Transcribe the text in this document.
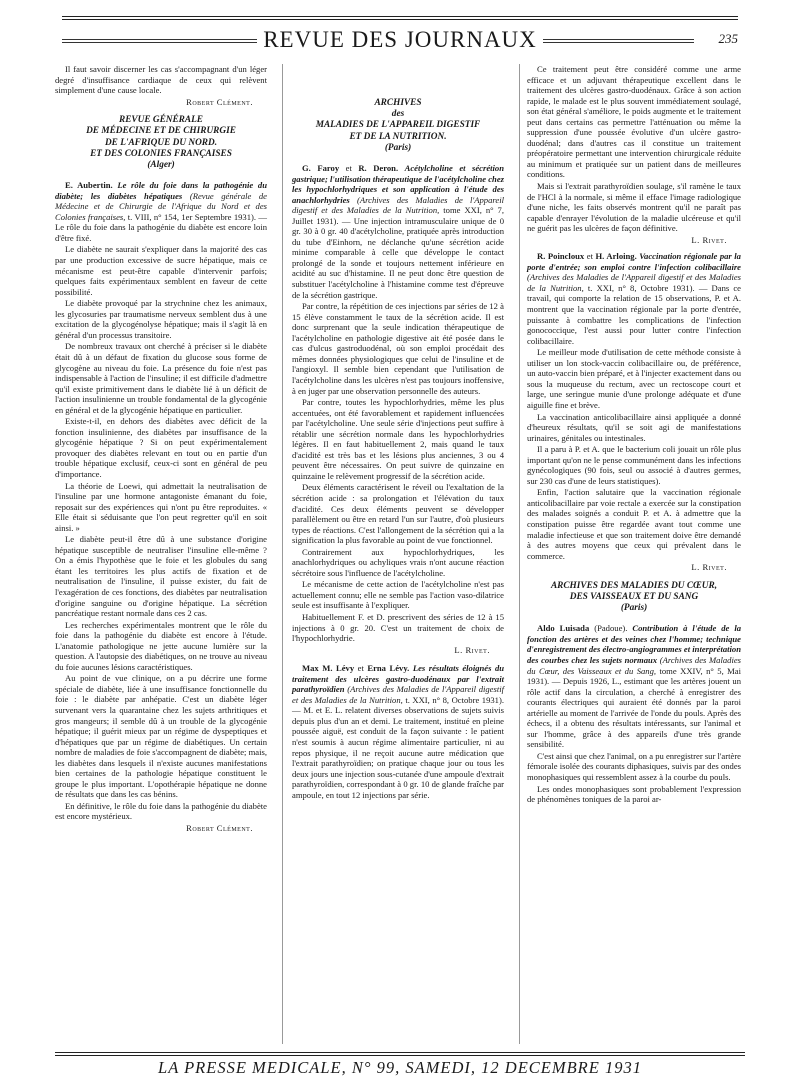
REVUE DES JOURNAUX	235

Il faut savoir discerner les cas s'accompagnant d'un léger degré d'insuffisance cardiaque de ceux qui relèvent simplement d'une cause locale.

Robert Clément.
REVUE GÉNÉRALE
DE MÉDECINE ET DE CHIRURGIE
DE L'AFRIQUE DU NORD.
ET DES COLONIES FRANÇAISES
(Alger)

E. Aubertin. Le rôle du foie dans la pathogénie du diabète; les diabètes hépatiques (Revue générale de Médecine et de Chirurgie de l'Afrique du Nord et des Colonies françaises, t. VIII, n° 154, 1er Septembre 1931). — Le rôle du foie dans la pathogénie du diabète est encore loin d'être fixé.

Le diabète ne saurait s'expliquer dans la majorité des cas par une production excessive de sucre hépatique, mais ce mécanisme est peut-être capable d'intervenir parfois; quelques faits expérimentaux semblent en faveur de cette possibilité.

Le diabète provoqué par la strychnine chez les animaux, les glycosuries par traumatisme nerveux semblent dus à une excitation de la glycogénolyse hépatique; mais il s'agit là en général d'un processus transitoire.

De nombreux travaux ont cherché à préciser si le diabète était dû à un défaut de fixation du glucose sous forme de glycogène au niveau du foie. La présence du foie n'est pas indispensable à l'action de l'insuline; il est difficile d'admettre qu'il existe primitivement dans le diabète lié à un déficit de l'action insulinienne un trouble fondamental de la glycogénie en général et de la glycogénie hépatique en particulier.

Existe-t-il, en dehors des diabètes avec déficit de la fonction insulinienne, des diabètes par insuffisance de la glycogénie hépatique ? Si on peut expérimentalement provoquer des diabètes relevant en tout ou en partie d'un trouble hépatique exclusif, ceux-ci sont en général de peu d'importance.

La théorie de Loewi, qui admettait la neutralisation de l'insuline par une hormone antagoniste émanant du foie, reposait sur des expériences qui n'ont pu être reproduites. « Elle était si séduisante que l'on peut regretter qu'il en soit ainsi. »

Le diabète peut-il être dû à une substance d'origine hépatique susceptible de neutraliser l'insuline elle-même ? On a émis l'hypothèse que le foie et les globules du sang étant les territoires les plus actifs de fixation et de neutralisation de l'insuline, il puisse exister, du fait de l'exagération de ces fonctions, des diabètes par neutralisation d'origine sanguine ou d'origine hépatique. La sécrétion pancréatique restant normale dans ces 2 cas.

Les recherches expérimentales montrent que le rôle du foie dans la pathogénie du diabète est encore à l'étude. L'anatomie pathologique ne jette aucune lumière sur la question. A l'autopsie des diabétiques, on ne trouve au niveau du foie aucunes lésions caractéristiques.

Au point de vue clinique, on a pu décrire une forme spéciale de diabète, liée à une insuffisance fonctionnelle du foie : le diabète par anhépatie. C'est un diabète léger survenant vers la quarantaine chez les sujets arthritiques et gros mangeurs; il semble dû à un trouble de la glycogénie hépatique; il guérit mieux par un régime de dyspeptiques et d'hépatiques que par un régime de diabétiques. Un certain nombre de maladies de foie s'accompagnent de diabète; mais, les diabètes dans lesquels il n'existe aucunes manifestations bien certaines de la pathologie hépatique constituent le groupe le plus important. L'opothérapie hépatique ne donne de résultats que dans les cas bénins.

En définitive, le rôle du foie dans la pathogénie du diabète est encore mystérieux.

Robert Clément.
ARCHIVES
des
MALADIES DE L'APPAREIL DIGESTIF
ET DE LA NUTRITION.
(Paris)

G. Faroy et R. Deron. Acétylcholine et sécrétion gastrique; l'utilisation thérapeutique de l'acétylcholine chez les hypochlorhydriques et son application à l'étude des anachlorhydries (Archives des Maladies de l'Appareil digestif et des Maladies de la Nutrition, tome XXI, n° 7, Juillet 1931). — Une injection intramusculaire unique de 0 gr. 30 à 0 gr. 40 d'acétylcholine, pratiquée après introduction du tube d'Einhorn, ne déclanche qu'une sécrétion acide minime comparable à celle que développe le contact prolongé de la sonde et toujours nettement inférieure en acidité au suc d'histamine. Il ne peut donc être question de substituer l'acétylcholine à l'histamine comme test d'épreuve de la sécrétion gastrique.

Par contre, la répétition de ces injections par séries de 12 à 15 élève constamment le taux de la sécrétion acide. Il est donc surprenant que la seule indication thérapeutique de l'acétylcholine en pathologie digestive ait été posée dans le cas d'ulcus gastroduodénal, où son emploi procédait des mêmes données physiologiques que celui de l'insuline et de l'angioxyl. Il semble bien cependant que l'utilisation de l'acétylcholine dans les ulcères n'est pas toujours inoffensive, à en juger par une observation personnelle des auteurs.

Par contre, toutes les hypochlorhydries, même les plus accentuées, ont été favorablement et rapidement influencées par l'acétylcholine. Une seule série d'injections peut suffire à rétablir une sécrétion normale dans les hypochlorhydries légères. Il en faut habituellement 2, mais quand le taux d'acidité est très bas et les lésions plus anciennes, 3 ou 4 peuvent être nécessaires. On peut suivre de quinzaine en quinzaine le relèvement progressif de la sécrétion acide.

Deux éléments caractérisent le réveil ou l'exaltation de la sécrétion acide : sa prolongation et l'élévation du taux d'acidité. Ces deux éléments peuvent se développer parallèlement ou être en retard l'un sur l'autre, d'où plusieurs types de réactions. C'est l'allongement de la sécrétion qui a la signification la plus favorable au point de vue fonctionnel.

Contrairement aux hypochlorhydriques, les anachlorhydriques ou achyliques vrais n'ont aucune réaction sécrétoire sous l'influence de l'acétylcholine.

Le mécanisme de cette action de l'acétylcholine n'est pas actuellement connu; elle ne semble pas l'action vaso-dilatrice seule est insuffisante à l'expliquer.

Habituellement F. et D. prescrivent des séries de 12 à 15 injections à 0 gr. 20. C'est un traitement de choix de l'hypochlorhydrie.

L. Rivet.

Max M. Lévy et Erna Lévy. Les résultats éloignés du traitement des ulcères gastro-duodénaux par l'extrait parathyroïdien (Archives des Maladies de l'Appareil digestif et des Maladies de la Nutrition, t. XXI, n° 8, Octobre 1931). — M. et E. L. relatent diverses observations de sujets suivis depuis plus d'un an et demi. Le traitement, institué en pleine poussée aiguë, est conduit de la façon suivante : le patient n'est soumis à aucun régime alimentaire particulier, ni au repos physique, il ne reçoit aucune autre médication que l'extrait parathyroïdien; on pratique chaque jour ou tous les deux jours une injection sous-cutanée d'une ampoule d'extrait parathyroïdien, correspondant à 0 gr. 10 de glande fraîche par ampoule, en tout 12 injections par série.

Ce traitement peut être considéré comme une arme efficace et un adjuvant thérapeutique excellent dans le traitement des ulcères gastro-duodénaux. Grâce à son action rapide, le malade est le plus souvent immédiatement soulagé, son état général s'améliore, le poids augmente et le traitement peut dans certains cas permettre l'atténuation ou même la suppression d'une poussée évolutive d'un ulcère gastro-duodénal; dans d'autres cas il constitue un traitement préopératoire permettant une intervention chirurgicale réduite au minimum et pratiquée sur un patient dans de meilleures conditions.

Mais si l'extrait parathyroïdien soulage, s'il ramène le taux de l'HCl à la normale, si même il efface l'image radiologique d'une niche, les faits observés montrent qu'il ne paraît pas capable d'enrayer l'évolution de la maladie ulcéreuse et qu'il ne guérit pas les ulcères de façon définitive.

L. Rivet.

R. Poincloux et H. Arloing. Vaccination régionale par la porte d'entrée; son emploi contre l'infection colibacillaire (Archives des Maladies de l'Appareil digestif et des Maladies de la Nutrition, t. XXI, n° 8, Octobre 1931). — Dans ce travail, qui comporte la relation de 15 observations, P. et A. montrent que la vaccination régionale par la porte d'entrée, puissante à combattre les complications de l'infection gonococcique, l'est aussi pour lutter contre l'infection colibacillaire.

Le meilleur mode d'utilisation de cette méthode consiste à utiliser un lon stock-vaccin colibacillaire ou, de préférence, un auto-vaccin bien préparé, et à l'injecter exactement dans ou sous la muqueuse du rectum, avec un rectoscope court et large, une seringue munie d'une prolonge adéquate et d'une aiguille fine et brève.

La vaccination anticolibacillaire ainsi appliquée a donné d'heureux résultats, qu'il se soit agi de manifestations urinaires, génitales ou intestinales.

Il a paru à P. et A. que le bacterium coli jouait un rôle plus important qu'on ne le pense communément dans les infections gynécologiques (90 fois, seul ou associé à d'autres germes, sur 230 cas d'une de leurs statistiques).

Enfin, l'action salutaire que la vaccination régionale anticolibacillaire par voie rectale a exercée sur la constipation des malades soignés a conduit P. et A. à admettre que la constipation puisse être regardée avant tout comme une maladie infectieuse et que son traitement doive être demandé à des autres moyens que ceux qui prévalent dans le commerce.

L. Rivet.
ARCHIVES DES MALADIES DU CŒUR,
DES VAISSEAUX ET DU SANG
(Paris)

Aldo Luisada (Padoue). Contribution à l'étude de la fonction des artères et des veines chez l'homme; technique d'enregistrement des électro-angiogrammes et interprétation des courbes chez les sujets normaux (Archives des Maladies du Cœur, des Vaisseaux et du Sang, tome XXIV, n° 5, Mai 1931). — Depuis 1926, L., estimant que les artères jouent un rôle actif dans la circulation, a cherché à enregistrer des courants électriques qui auraient été donnés par la paroi artérielle au moment de l'arrivée de l'onde du pouls. Après des échecs, il a obtenu des résultats intéressants, sur l'animal et sur l'homme, grâce à des appareils d'une très grande sensibilité.

C'est ainsi que chez l'animal, on a pu enregistrer sur l'artère fémorale isolée des courants diphasiques, suivis par des ondes monophasiques qui ressemblent assez à la courbe du pouls.

Les ondes monophasiques sont probablement l'expression de phénomènes toniques de la paroi ar-

LA PRESSE MEDICALE, N° 99, SAMEDI, 12 DECEMBRE 1931
